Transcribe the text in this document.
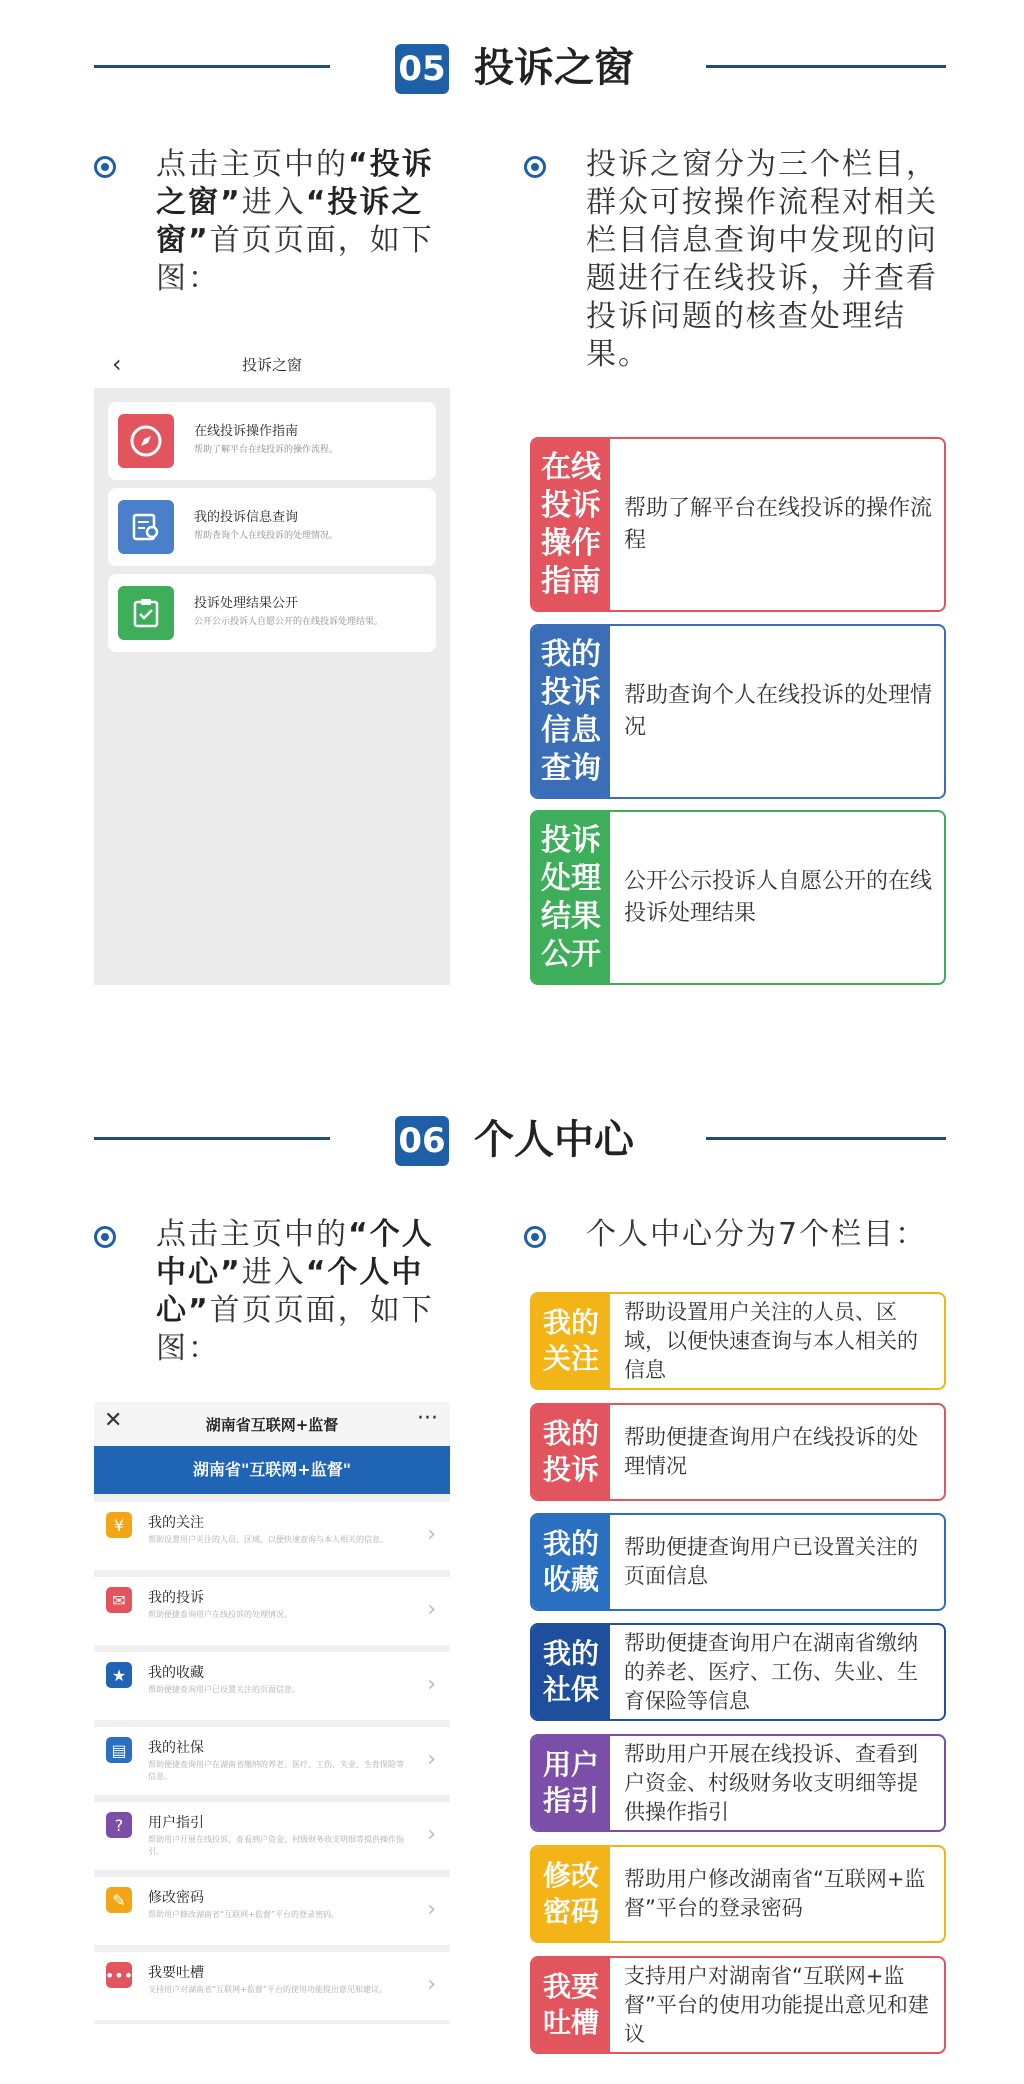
05 投诉之窗
点击主页中的“投诉之窗”进入“投诉之窗”首页页面，如下图：
投诉之窗分为三个栏目，群众可按操作流程对相关栏目信息查询中发现的问题进行在线投诉，并查看投诉问题的核查处理结果。
‹	投诉之窗
在线投诉操作指南
帮助了解平台在线投诉的操作流程。
我的投诉信息查询
帮助查询个人在线投诉的处理情况。
投诉处理结果公开
公开公示投诉人自愿公开的在线投诉处理结果。
在线投诉操作指南
帮助了解平台在线投诉的操作流程
我的投诉信息查询
帮助查询个人在线投诉的处理情况
投诉处理结果公开
公开公示投诉人自愿公开的在线投诉处理结果
06 个人中心
点击主页中的“个人中心”进入“个人中心”首页页面，如下图：
个人中心分为7个栏目：
✕	湖南省互联网+监督	···
湖南省"互联网+监督"
¥	我的关注
帮助设置用户关注的人员、区域，以便快速查询与本人相关的信息。	›
✉	我的投诉
帮助便捷查询用户在线投诉的处理情况。	›
★	我的收藏
帮助便捷查询用户已设置关注的页面信息。	›
▤	我的社保
帮助便捷查询用户在湖南省缴纳的养老、医疗、工伤、失业、生育保险等信息。
›
?	用户指引
帮助用户开展在线投诉、查看到户资金、村级财务收支明细等提供操作指引。
›
✎	修改密码
帮助用户修改湖南省“互联网+监督”平台的登录密码。	›
••• 我要吐槽
支持用户对湖南省“互联网+监督”平台的使用功能提出意见和建议。	›
我的关注
帮助设置用户关注的人员、区域，以便快速查询与本人相关的信息
我的投诉
帮助便捷查询用户在线投诉的处理情况
我的收藏
帮助便捷查询用户已设置关注的页面信息
我的社保
帮助便捷查询用户在湖南省缴纳的养老、医疗、工伤、失业、生育保险等信息
用户指引
帮助用户开展在线投诉、查看到户资金、村级财务收支明细等提供操作指引
修改密码
帮助用户修改湖南省“互联网+监督”平台的登录密码
我要吐槽
支持用户对湖南省“互联网+监督”平台的使用功能提出意见和建议
